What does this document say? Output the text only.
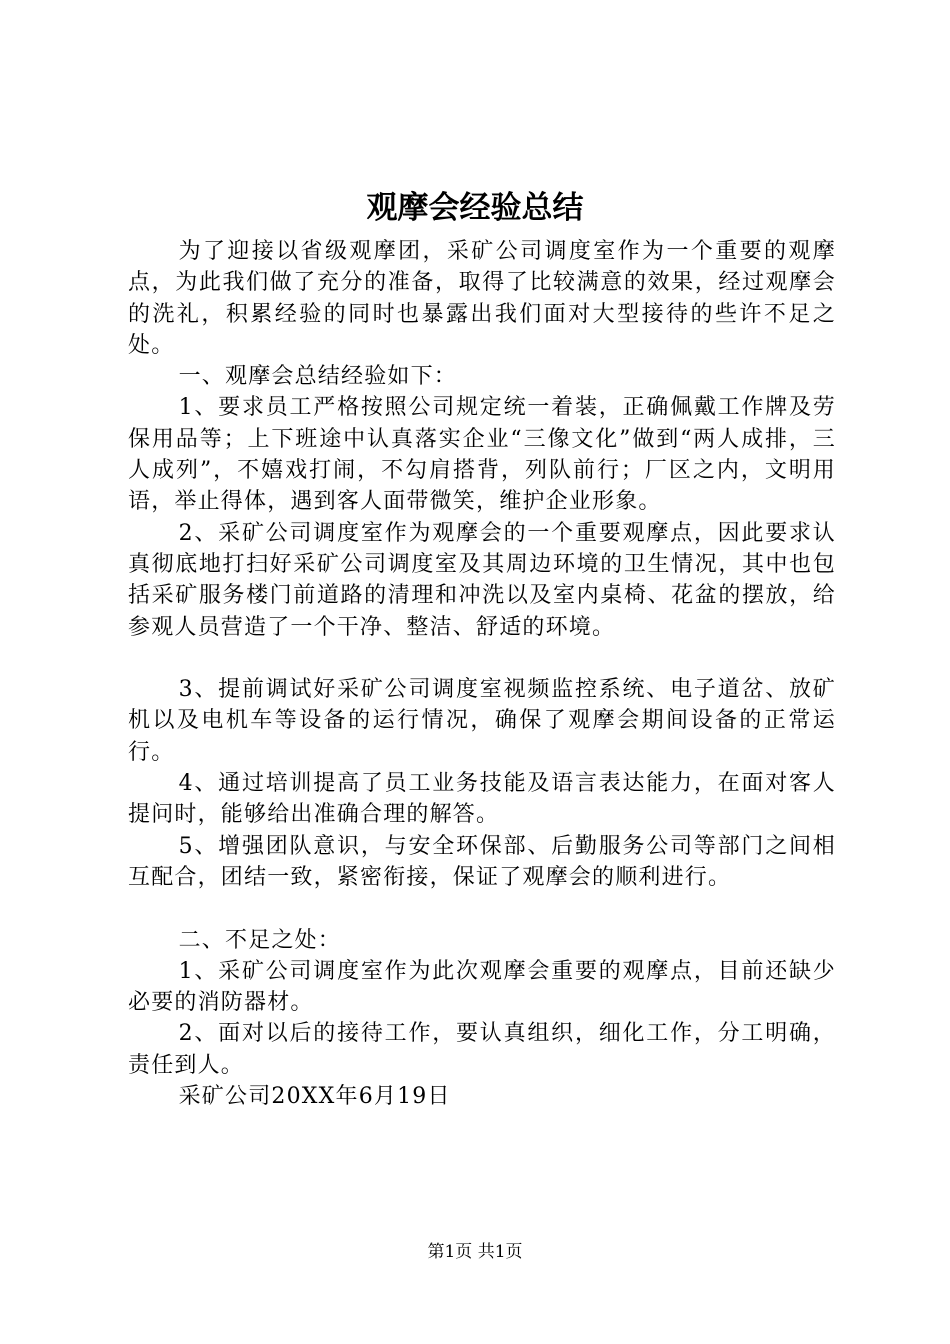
观摩会经验总结

为了迎接以省级观摩团，采矿公司调度室作为一个重要的观摩点，为此我们做了充分的准备，取得了比较满意的效果，经过观摩会的洗礼，积累经验的同时也暴露出我们面对大型接待的些许不足之处。

一、观摩会总结经验如下：

1、要求员工严格按照公司规定统一着装，正确佩戴工作牌及劳保用品等；上下班途中认真落实企业“三像文化”做到“两人成排，三人成列”，不嬉戏打闹，不勾肩搭背，列队前行；厂区之内，文明用语，举止得体，遇到客人面带微笑，维护企业形象。

2、采矿公司调度室作为观摩会的一个重要观摩点，因此要求认真彻底地打扫好采矿公司调度室及其周边环境的卫生情况，其中也包括采矿服务楼门前道路的清理和冲洗以及室内桌椅、花盆的摆放，给参观人员营造了一个干净、整洁、舒适的环境。

3、提前调试好采矿公司调度室视频监控系统、电子道岔、放矿机以及电机车等设备的运行情况，确保了观摩会期间设备的正常运行。

4、通过培训提高了员工业务技能及语言表达能力，在面对客人提问时，能够给出准确合理的解答。

5、增强团队意识，与安全环保部、后勤服务公司等部门之间相互配合，团结一致，紧密衔接，保证了观摩会的顺利进行。

二、不足之处：

1、采矿公司调度室作为此次观摩会重要的观摩点，目前还缺少必要的消防器材。

2、面对以后的接待工作，要认真组织，细化工作，分工明确，责任到人。

采矿公司20XX年6月19日

第1页 共1页
